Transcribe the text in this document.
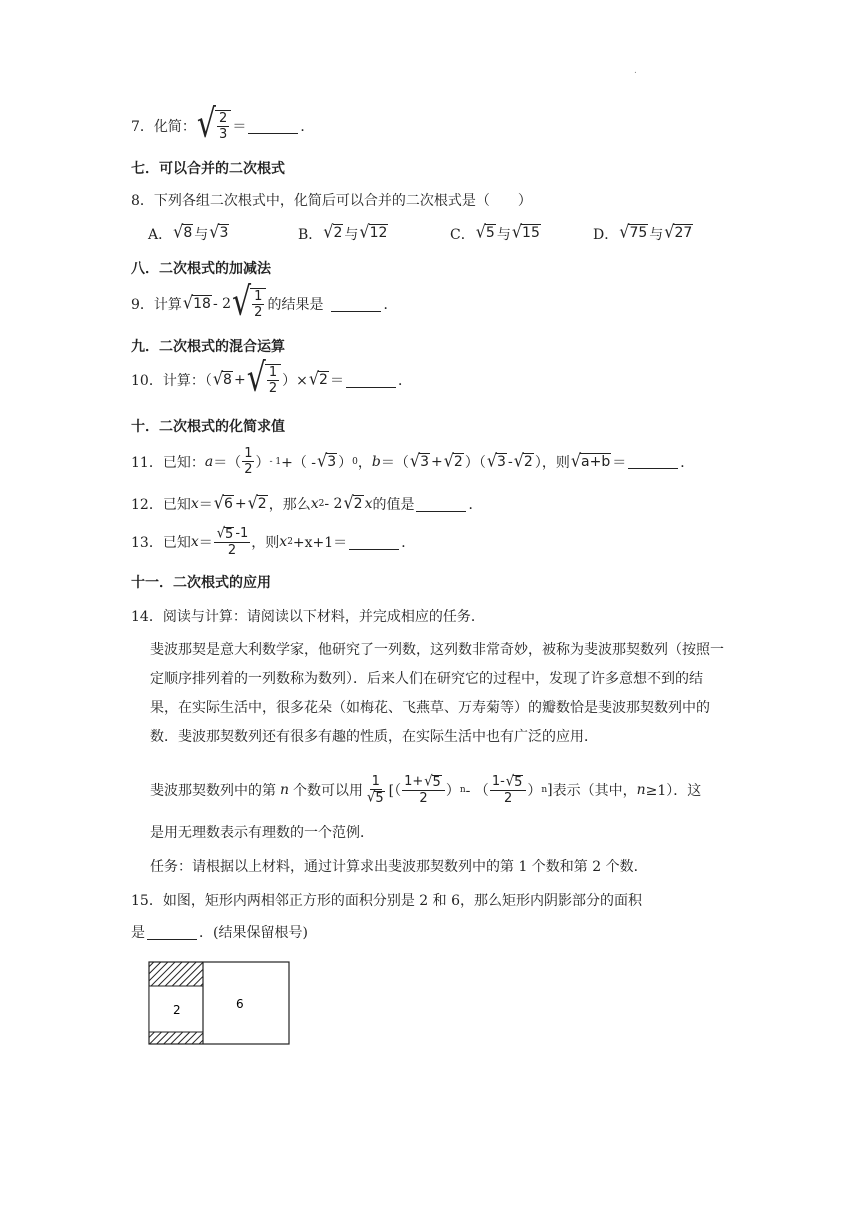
.
7．化简： √ $\frac{2}{3}$ ＝	．
七．可以合并的二次根式
8．下列各组二次根式中，化简后可以合并的二次根式是（　　）
A． √ 8 与 √ 3	B． √ 2 与 √ 12	C． √ 5 与 √ 15	D． √ 75 与 √ 27
八．二次根式的加减法
9．计算 √ 18 - 2 √ $\frac{1}{2}$ 的结果是	．
九．二次根式的混合运算
10．计算：（ √ 8 + √ $\frac{1}{2}$ ）× √ 2 ＝	．
十．二次根式的化简求值
11．已知： a ＝（ $\frac{1}{2}$ ） - 1 +（ - √ 3 ） 0 ， b ＝（ √ 3 + √ 2 ）（ √ 3 - √ 2 ），则 √ a+b ＝	．
12．已知 x ＝ √ 6 + √ 2 ，那么 x 2 - 2 √ 2 x 的值是	．
13．已知 $x = \frac{√ 5 -1}{2}$ ，则 x 2 +x+1＝	．
十一．二次根式的应用
14．阅读与计算：请阅读以下材料，并完成相应的任务．
斐波那契是意大利数学家，他研究了一列数，这列数非常奇妙，被称为斐波那契数列（按照一定顺序排列着的一列数称为数列）．后来人们在研究它的过程中，发现了许多意想不到的结果，在实际生活中，很多花朵（如梅花、飞燕草、万寿菊等）的瓣数恰是斐波那契数列中的数．斐波那契数列还有很多有趣的性质，在实际生活中也有广泛的应用．
斐波那契数列中的第 n 个数可以用 $\frac{1}{√ 5}$ [（ $\frac{1+ √ 5}{2}$ ） n - （ $\frac{1- √ 5}{2}$ ） n ] 表示（其中， n ≥1）．这
是用无理数表示有理数的一个范例．
任务：请根据以上材料，通过计算求出斐波那契数列中的第 1 个数和第 2 个数．
15．如图，矩形内两相邻正方形的面积分别是 2 和 6，那么矩形内阴影部分的面积
是	．(结果保留根号)
2	6
